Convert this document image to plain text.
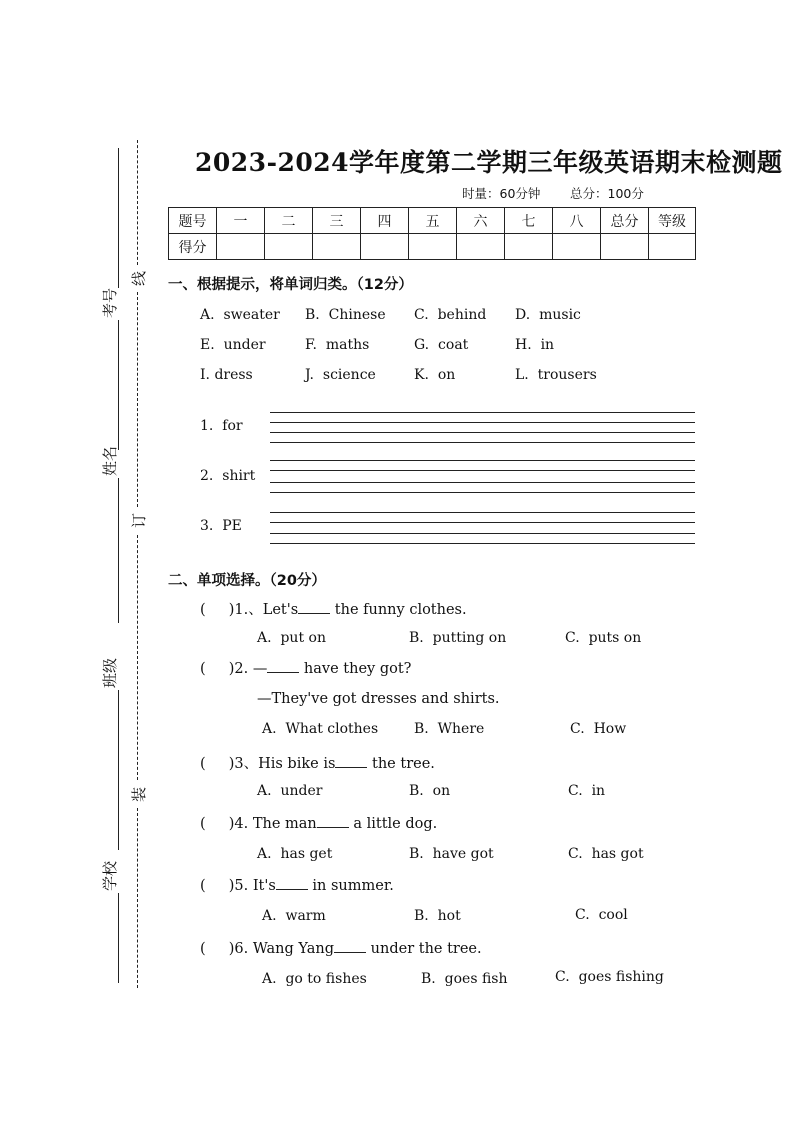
考号
姓名
班级
学校
线
订
装
2023-2024学年度第二学期三年级英语期末检测题
时量：60分钟 总分：100分
题号	一	二	三	四	五	六	七	八	总分	等级
得分										
一、根据提示，将单词归类。（12分）
A. sweater B. Chinese C. behind D. music
E. under	F. maths	G. coat	H. in
I. dress	J. science	K. on	L. trousers
1.  for
2.  shirt
3.  PE
二、单项选择。（20分）
(     )1.、Let's	the funny clothes.
A.  put on	B.  putting on	C.  puts on
(     )2. —	have they got?
—They've got dresses and shirts.
A.  What clothes	B.  Where	C.  How
(     )3、His bike is	the tree.
A.  under	B.  on	C.  in
(     )4. The man	a little dog.
A.  has get	B.  have got	C.  has got
(     )5. It's	in summer.
A.  warm	B.  hot	C.  cool
(     )6. Wang Yang	under the tree.
A.  go to fishes	B.  goes fish	C.  goes fishing
